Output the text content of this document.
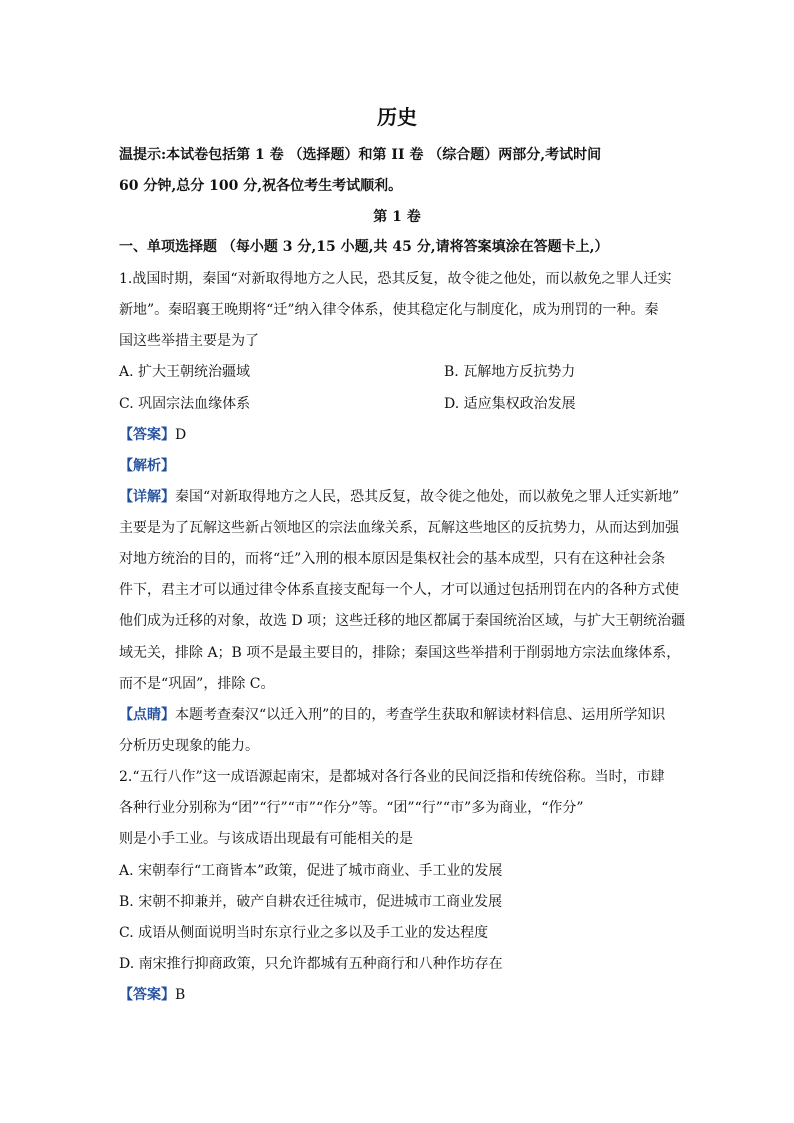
历史
温提示:本试卷包括第 1 卷 （选择题）和第 II 卷 （综合题）两部分,考试时间
60 分钟,总分 100 分,祝各位考生考试顺利。
第 1 卷
一、单项选择题 （每小题 3 分,15 小题,共 45 分,请将答案填涂在答题卡上,）
1.战国时期，秦国“对新取得地方之人民，恐其反复，故令徙之他处，而以赦免之罪人迁实
新地”。秦昭襄王晚期将“迁”纳入律令体系，使其稳定化与制度化，成为刑罚的一种。秦
国这些举措主要是为了
A. 扩大王朝统治疆域	B. 瓦解地方反抗势力
C. 巩固宗法血缘体系	D. 适应集权政治发展
【答案】D
【解析】
【详解】秦国“对新取得地方之人民，恐其反复，故令徙之他处，而以赦免之罪人迁实新地”
主要是为了瓦解这些新占领地区的宗法血缘关系，瓦解这些地区的反抗势力，从而达到加强
对地方统治的目的，而将“迁”入刑的根本原因是集权社会的基本成型，只有在这种社会条
件下，君主才可以通过律令体系直接支配每一个人，才可以通过包括刑罚在内的各种方式使
他们成为迁移的对象，故选 D 项；这些迁移的地区都属于秦国统治区域，与扩大王朝统治疆
域无关，排除 A；B 项不是最主要目的，排除；秦国这些举措利于削弱地方宗法血缘体系，
而不是“巩固”，排除 C。
【点睛】本题考查秦汉“以迁入刑”的目的，考查学生获取和解读材料信息、运用所学知识
分析历史现象的能力。
2.“五行八作”这一成语源起南宋，是都城对各行各业的民间泛指和传统俗称。当时，市肆
各种行业分别称为“团”“行”“市”“作分”等。“团”“行”“市”多为商业，“作分”
则是小手工业。与该成语出现最有可能相关的是
A. 宋朝奉行“工商皆本”政策，促进了城市商业、手工业的发展
B. 宋朝不抑兼并，破产自耕农迁往城市，促进城市工商业发展
C. 成语从侧面说明当时东京行业之多以及手工业的发达程度
D. 南宋推行抑商政策，只允许都城有五种商行和八种作坊存在
【答案】B
